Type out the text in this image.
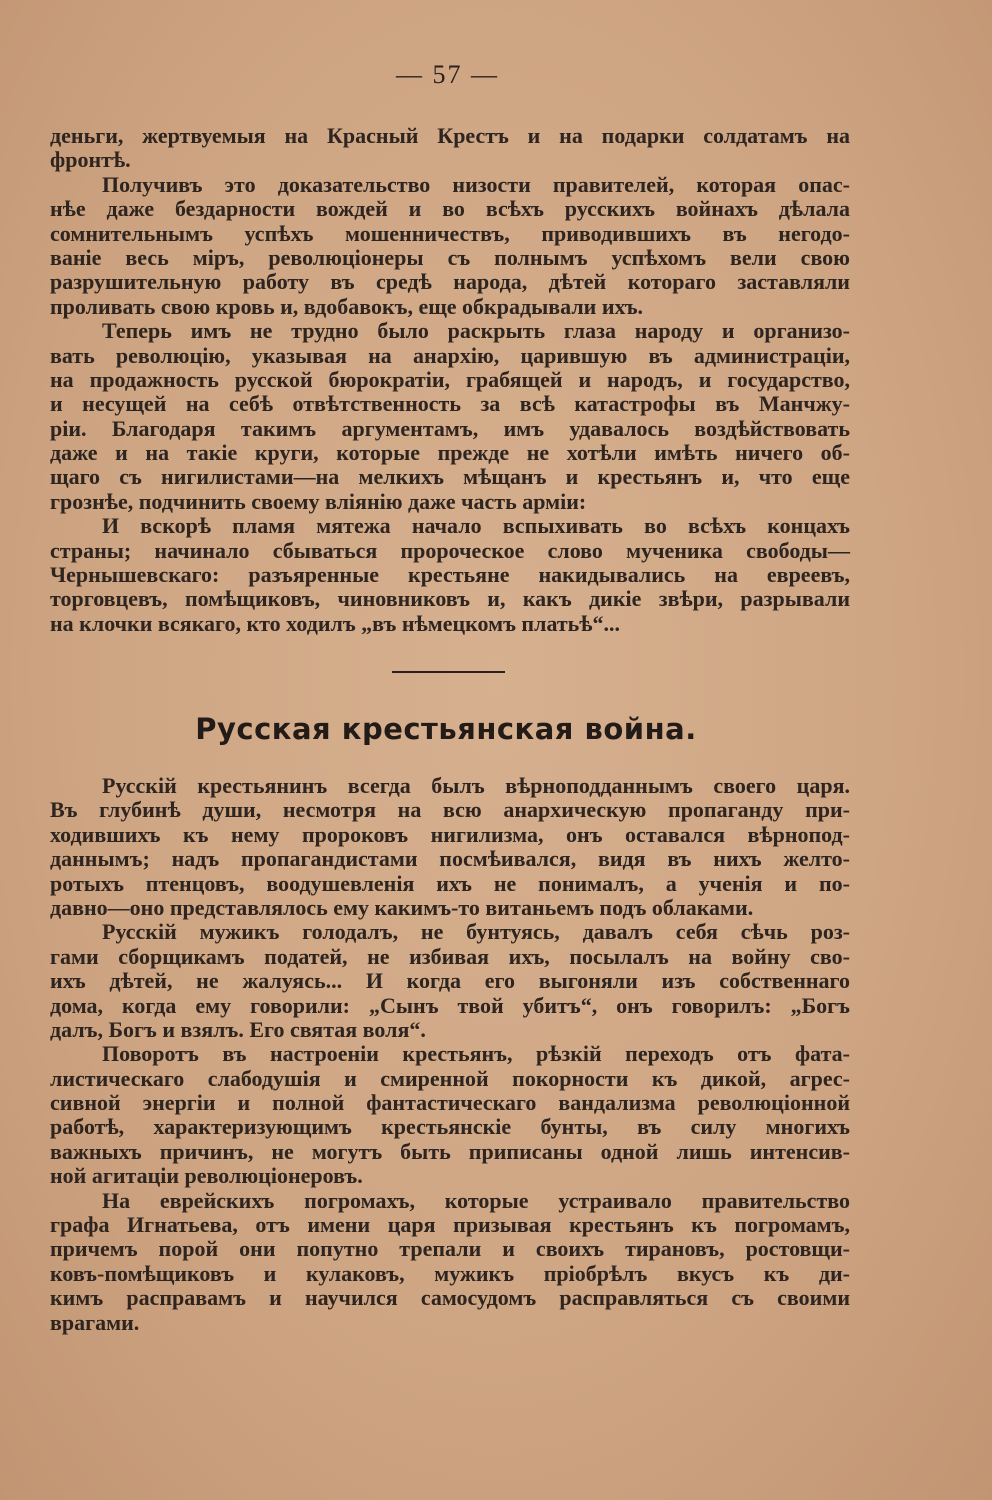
— 57 —
деньги, жертвуемыя на Красный Крестъ и на подарки солдатамъ на
фронтѣ.
Получивъ это доказательство низости правителей, которая опас-
нѣе даже бездарности вождей и во всѣхъ русскихъ войнахъ дѣлала
сомнительнымъ успѣхъ мошенничествъ, приводившихъ въ негодо-
ваніе весь міръ, революціонеры съ полнымъ успѣхомъ вели свою
разрушительную работу въ средѣ народа, дѣтей котораго заставляли
проливать свою кровь и, вдобавокъ, еще обкрадывали ихъ.
Теперь имъ не трудно было раскрыть глаза народу и организо-
вать революцію, указывая на анархію, царившую въ администраціи,
на продажность русской бюрократіи, грабящей и народъ, и государство,
и несущей на себѣ отвѣтственность за всѣ катастрофы въ Манчжу-
ріи. Благодаря такимъ аргументамъ, имъ удавалось воздѣйствовать
даже и на такіе круги, которые прежде не хотѣли имѣть ничего об-
щаго съ нигилистами—на мелкихъ мѣщанъ и крестьянъ и, что еще
грознѣе, подчинить своему вліянію даже часть арміи:
И вскорѣ пламя мятежа начало вспыхивать во всѣхъ концахъ
страны; начинало сбываться пророческое слово мученика свободы—
Чернышевскаго: разъяренные крестьяне накидывались на евреевъ,
торговцевъ, помѣщиковъ, чиновниковъ и, какъ дикіе звѣри, разрывали
на клочки всякаго, кто ходилъ „въ нѣмецкомъ платьѣ“...
Русская крестьянская война.
Русскій крестьянинъ всегда былъ вѣрноподданнымъ своего царя.
Въ глубинѣ души, несмотря на всю анархическую пропаганду при-
ходившихъ къ нему пророковъ нигилизма, онъ оставался вѣрнопод-
даннымъ; надъ пропагандистами посмѣивался, видя въ нихъ желто-
ротыхъ птенцовъ, воодушевленія ихъ не понималъ, а ученія и по-
давно—оно представлялось ему какимъ-то витаньемъ подъ облаками.
Русскій мужикъ голодалъ, не бунтуясь, давалъ себя сѣчь роз-
гами сборщикамъ податей, не избивая ихъ, посылалъ на войну сво-
ихъ дѣтей, не жалуясь... И когда его выгоняли изъ собственнаго
дома, когда ему говорили: „Сынъ твой убитъ“, онъ говорилъ: „Богъ
далъ, Богъ и взялъ. Его святая воля“.
Поворотъ въ настроеніи крестьянъ, рѣзкій переходъ отъ фата-
листическаго слабодушія и смиренной покорности къ дикой, агрес-
сивной энергіи и полной фантастическаго вандализма революціонной
работѣ, характеризующимъ крестьянскіе бунты, въ силу многихъ
важныхъ причинъ, не могутъ быть приписаны одной лишь интенсив-
ной агитаціи революціонеровъ.
На еврейскихъ погромахъ, которые устраивало правительство
графа Игнатьева, отъ имени царя призывая крестьянъ къ погромамъ,
причемъ порой они попутно трепали и своихъ тирановъ, ростовщи-
ковъ-помѣщиковъ и кулаковъ, мужикъ пріобрѣлъ вкусъ къ ди-
кимъ расправамъ и научился самосудомъ расправляться съ своими
врагами.
